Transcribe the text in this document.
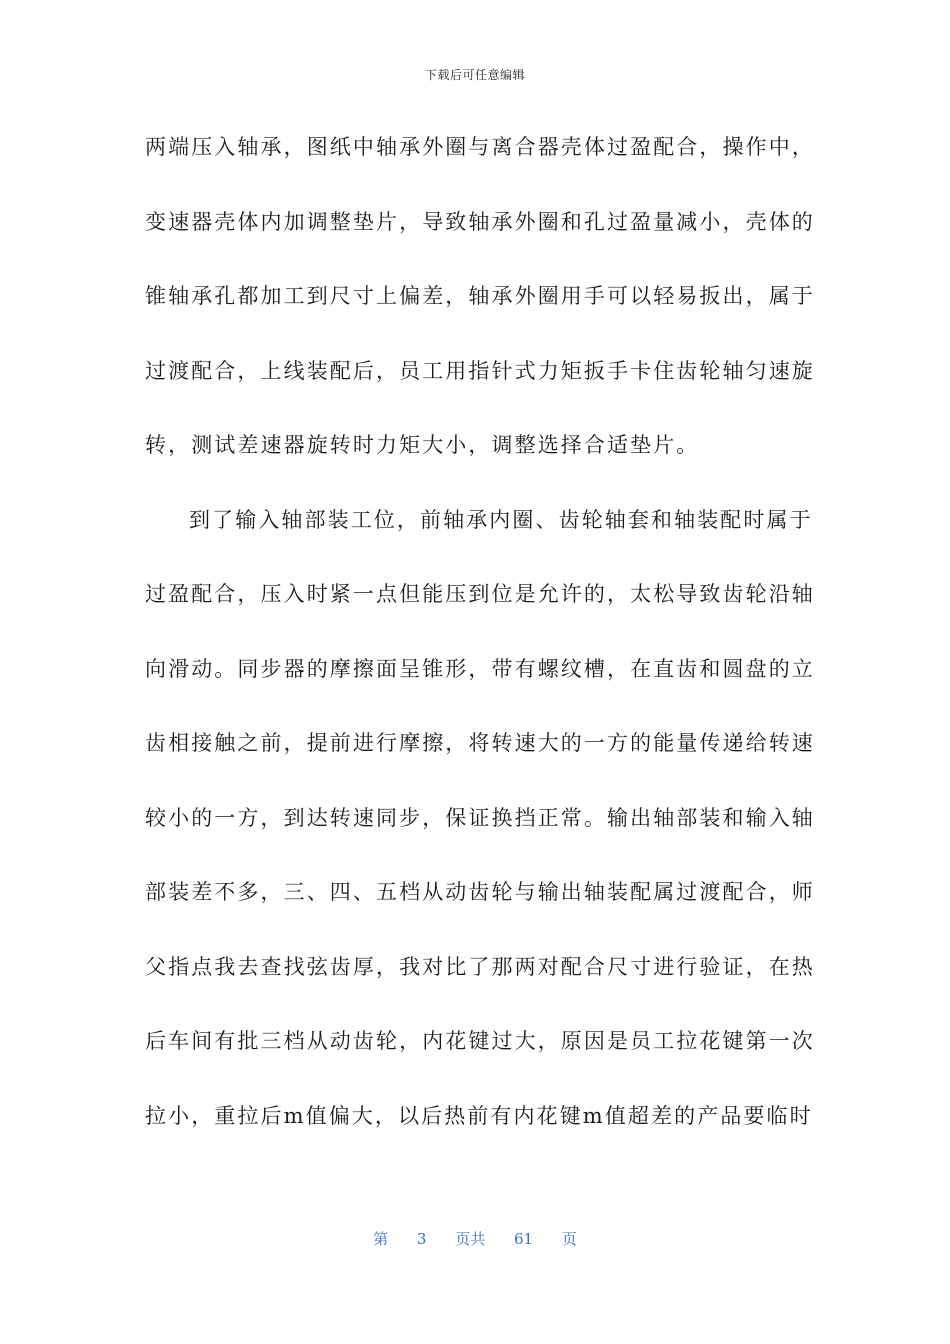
下载后可任意编辑
两端压入轴承，图纸中轴承外圈与离合器壳体过盈配合，操作中，
变速器壳体内加调整垫片，导致轴承外圈和孔过盈量减小，壳体的
锥轴承孔都加工到尺寸上偏差，轴承外圈用手可以轻易扳出，属于
过渡配合，上线装配后，员工用指针式力矩扳手卡住齿轮轴匀速旋
转，测试差速器旋转时力矩大小，调整选择合适垫片。
到了输入轴部装工位，前轴承内圈、齿轮轴套和轴装配时属于
过盈配合，压入时紧一点但能压到位是允许的，太松导致齿轮沿轴
向滑动。同步器的摩擦面呈锥形，带有螺纹槽，在直齿和圆盘的立
齿相接触之前，提前进行摩擦，将转速大的一方的能量传递给转速
较小的一方，到达转速同步，保证换挡正常。输出轴部装和输入轴
部装差不多，三、四、五档从动齿轮与输出轴装配属过渡配合，师
父指点我去查找弦齿厚，我对比了那两对配合尺寸进行验证，在热
后车间有批三档从动齿轮，内花键过大，原因是员工拉花键第一次
拉小，重拉后m值偏大，以后热前有内花键m值超差的产品要临时
第 3 页共 61 页
